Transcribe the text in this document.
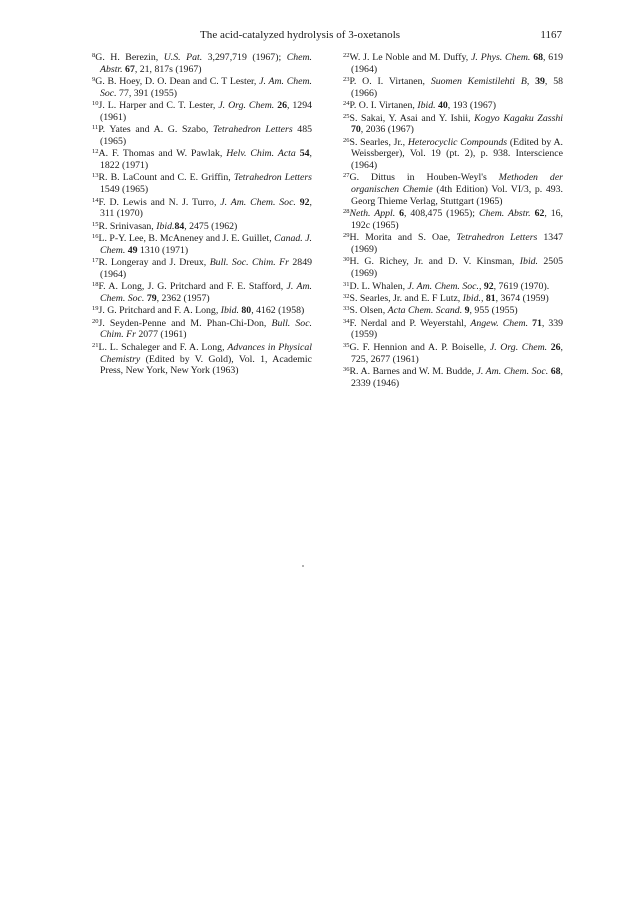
The acid-catalyzed hydrolysis of 3-oxetanols	1167

$^8$G. H. Berezin, U.S. Pat. 3,297,719 (1967); Chem. Abstr. 67, 21, 817s (1967)

$^9$G. B. Hoey, D. O. Dean and C. T Lester, J. Am. Chem. Soc. 77, 391 (1955)

$^{10}$J. L. Harper and C. T. Lester, J. Org. Chem. 26, 1294 (1961)

$^{11}$P. Yates and A. G. Szabo, Tetrahedron Letters 485 (1965)

$^{12}$A. F. Thomas and W. Pawlak, Helv. Chim. Acta 54, 1822 (1971)

$^{13}$R. B. LaCount and C. E. Griffin, Tetrahedron Letters 1549 (1965)

$^{14}$F. D. Lewis and N. J. Turro, J. Am. Chem. Soc. 92, 311 (1970)

$^{15}$R. Srinivasan, Ibid.84, 2475 (1962)

$^{16}$L. P-Y. Lee, B. McAneney and J. E. Guillet, Canad. J. Chem. 49 1310 (1971)

$^{17}$R. Longeray and J. Dreux, Bull. Soc. Chim. Fr 2849 (1964)

$^{18}$F. A. Long, J. G. Pritchard and F. E. Stafford, J. Am. Chem. Soc. 79, 2362 (1957)

$^{19}$J. G. Pritchard and F. A. Long, Ibid. 80, 4162 (1958)

$^{20}$J. Seyden-Penne and M. Phan-Chi-Don, Bull. Soc. Chim. Fr 2077 (1961)

$^{21}$L. L. Schaleger and F. A. Long, Advances in Physical Chemistry (Edited by V. Gold), Vol. 1, Academic Press, New York, New York (1963)

$^{22}$W. J. Le Noble and M. Duffy, J. Phys. Chem. 68, 619 (1964)

$^{23}$P. O. I. Virtanen, Suomen Kemistilehti B, 39, 58 (1966)

$^{24}$P. O. I. Virtanen, Ibid. 40, 193 (1967)

$^{25}$S. Sakai, Y. Asai and Y. Ishii, Kogyo Kagaku Zasshi 70, 2036 (1967)

$^{26}$S. Searles, Jr., Heterocyclic Compounds (Edited by A. Weissberger), Vol. 19 (pt. 2), p. 938. Interscience (1964)

$^{27}$G. Dittus in Houben-Weyl's Methoden der organischen Chemie (4th Edition) Vol. VI/3, p. 493. Georg Thieme Verlag, Stuttgart (1965)

$^{28}$Neth. Appl. 6, 408,475 (1965); Chem. Abstr. 62, 16, 192c (1965)

$^{29}$H. Morita and S. Oae, Tetrahedron Letters 1347 (1969)

$^{30}$H. G. Richey, Jr. and D. V. Kinsman, Ibid. 2505 (1969)

$^{31}$D. L. Whalen, J. Am. Chem. Soc., 92, 7619 (1970).

$^{32}$S. Searles, Jr. and E. F Lutz, Ibid., 81, 3674 (1959)

$^{33}$S. Olsen, Acta Chem. Scand. 9, 955 (1955)

$^{34}$F. Nerdal and P. Weyerstahl, Angew. Chem. 71, 339 (1959)

$^{35}$G. F. Hennion and A. P. Boiselle, J. Org. Chem. 26, 725, 2677 (1961)

$^{36}$R. A. Barnes and W. M. Budde, J. Am. Chem. Soc. 68, 2339 (1946)
